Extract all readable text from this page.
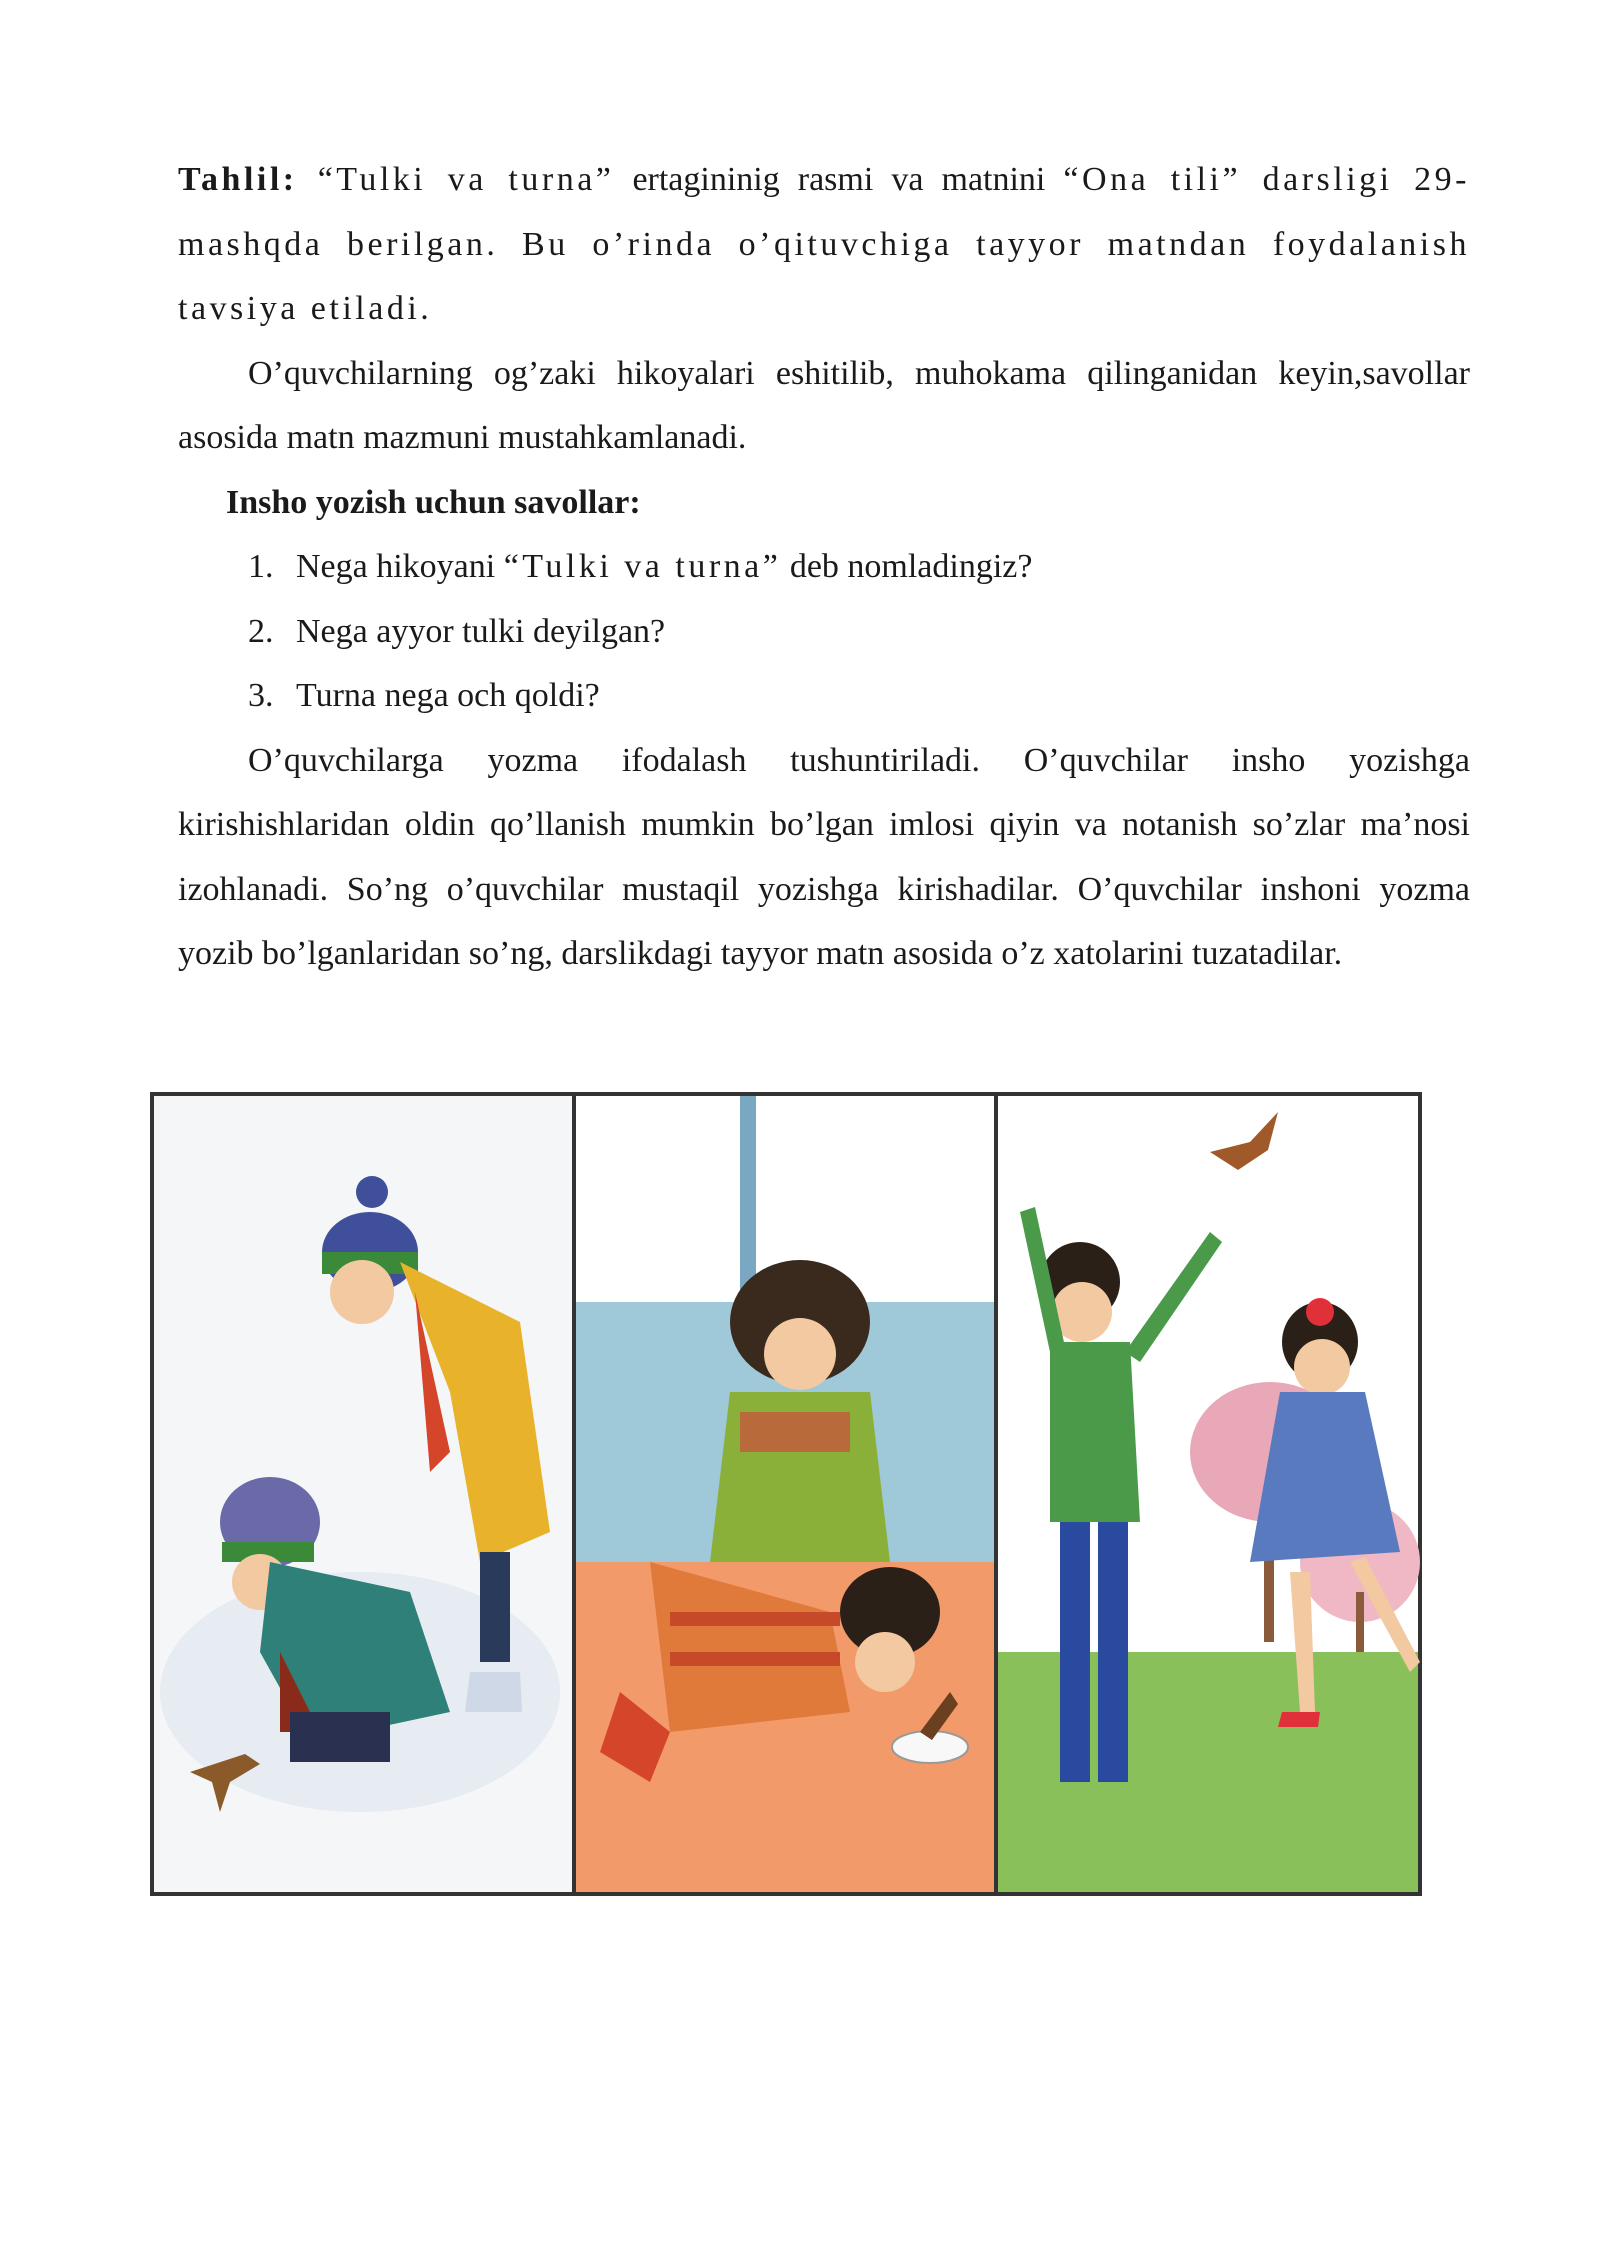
Tahlil: “Tulki va turna” ertagininig rasmi va matnini “Ona tili” darsligi 29-mashqda berilgan. Bu o’rinda o’qituvchiga tayyor matndan foydalanish tavsiya etiladi.

O’quvchilarning og’zaki hikoyalari eshitilib, muhokama qilinganidan keyin,savollar asosida matn mazmuni mustahkamlanadi.

Insho yozish uchun savollar:

1. Nega hikoyani “Tulki va turna” deb nomladingiz?
2. Nega ayyor tulki deyilgan?
3. Turna nega och qoldi?

O’quvchilarga yozma ifodalash tushuntiriladi. O’quvchilar insho yozishga kirishishlaridan oldin qo’llanish mumkin bo’lgan imlosi qiyin va notanish so’zlar ma’nosi izohlanadi. So’ng o’quvchilar mustaqil yozishga kirishadilar. O’quvchilar inshoni yozma yozib bo’lganlaridan so’ng, darslikdagi tayyor matn asosida o’z xatolarini tuzatadilar.
